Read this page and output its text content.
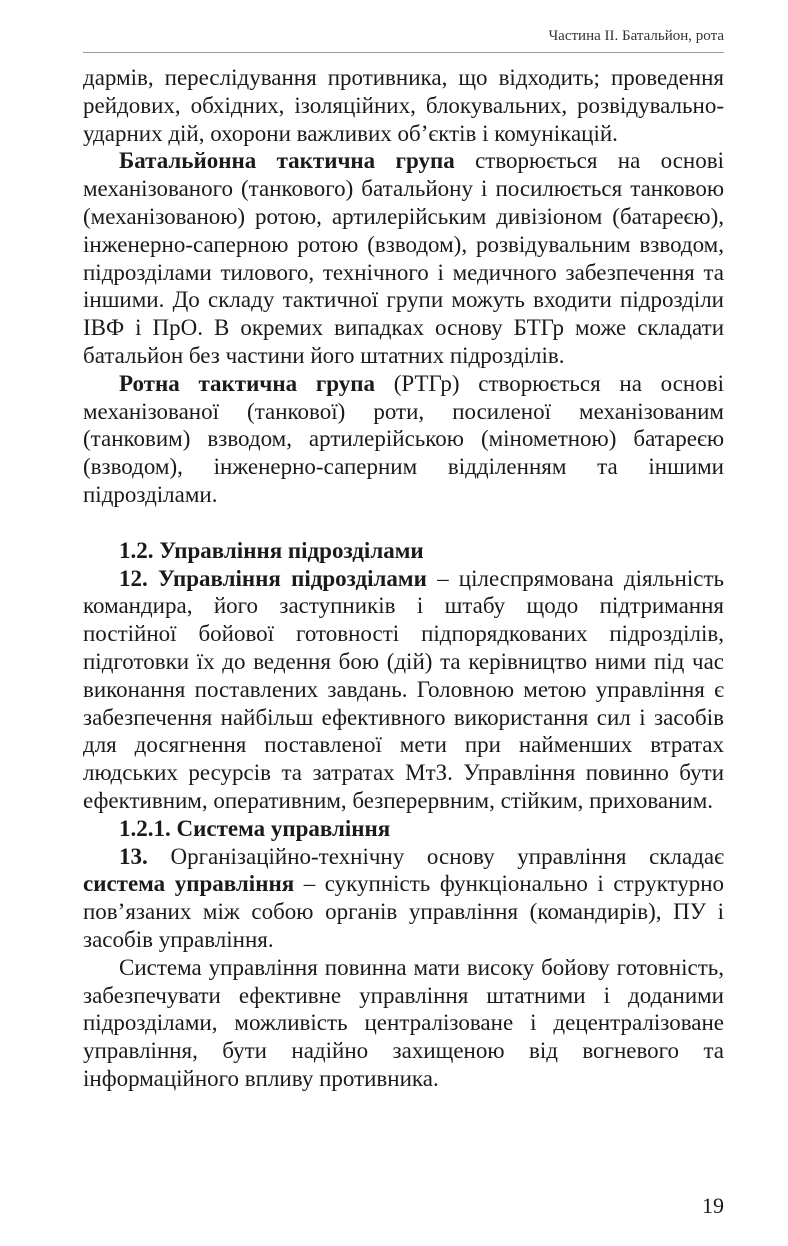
Частина ІІ. Батальйон, рота

дармів, переслідування противника, що відходить; проведення рейдових, обхідних, ізоляційних, блокувальних, розвідувально-ударних дій, охорони важливих об’єктів і комунікацій.

Батальйонна тактична група створюється на основі механізованого (танкового) батальйону і посилюється танковою (механізованою) ротою, артилерійським дивізіоном (батареєю), інженерно-саперною ротою (взводом), розвідувальним взводом, підрозділами тилового, технічного і медичного забезпечення та іншими. До складу тактичної групи можуть входити підрозділи ІВФ і ПрО. В окремих випадках основу БТГр може складати батальйон без частини його штатних підрозділів.

Ротна тактична група (РТГр) створюється на основі механізованої (танкової) роти, посиленої механізованим (танковим) взводом, артилерійською (мінометною) батареєю (взводом), інженерно-саперним відділенням та іншими підрозділами.

1.2. Управління підрозділами

12. Управління підрозділами – цілеспрямована діяльність командира, його заступників і штабу щодо підтримання постійної бойової готовності підпорядкованих підрозділів, підготовки їх до ведення бою (дій) та керівництво ними під час виконання поставлених завдань. Головною метою управління є забезпечення найбільш ефективного використання сил і засобів для досягнення поставленої мети при найменших втратах людських ресурсів та затратах МтЗ. Управління повинно бути ефективним, оперативним, безперервним, стійким, прихованим.

1.2.1. Система управління

13. Організаційно-технічну основу управління складає система управління – сукупність функціонально і структурно пов’язаних між собою органів управління (командирів), ПУ і засобів управління.

Система управління повинна мати високу бойову готовність, забезпечувати ефективне управління штатними і доданими підрозділами, можливість централізоване і децентралізоване управління, бути надійно захищеною від вогневого та інформаційного впливу противника.

19
